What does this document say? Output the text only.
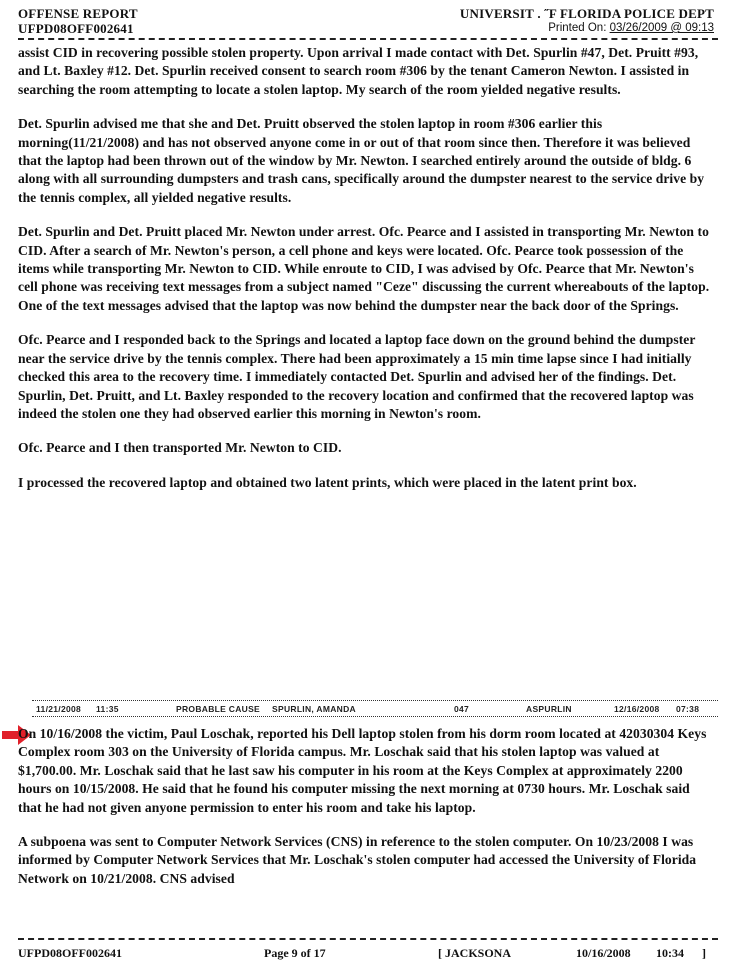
OFFENSE REPORT
UFPD08OFF002641
UNIVERSIT . ˝F FLORIDA POLICE DEPT
Printed On: 03/26/2009 @ 09:13

assist CID in recovering possible stolen property. Upon arrival I made contact with Det. Spurlin #47, Det. Pruitt #93, and Lt. Baxley #12. Det. Spurlin received consent to search room #306 by the tenant Cameron Newton. I assisted in searching the room attempting to locate a stolen laptop. My search of the room yielded negative results.

Det. Spurlin advised me that she and Det. Pruitt observed the stolen laptop in room #306 earlier this morning(11/21/2008) and has not observed anyone come in or out of that room since then. Therefore it was believed that the laptop had been thrown out of the window by Mr. Newton. I searched entirely around the outside of bldg. 6 along with all surrounding dumpsters and trash cans, specifically around the dumpster nearest to the service drive by the tennis complex, all yielded negative results.

Det. Spurlin and Det. Pruitt placed Mr. Newton under arrest. Ofc. Pearce and I assisted in transporting Mr. Newton to CID. After a search of Mr. Newton's person, a cell phone and keys were located. Ofc. Pearce took possession of the items while transporting Mr. Newton to CID. While enroute to CID, I was advised by Ofc. Pearce that Mr. Newton's cell phone was receiving text messages from a subject named "Ceze" discussing the current whereabouts of the laptop. One of the text messages advised that the laptop was now behind the dumpster near the back door of the Springs.

Ofc. Pearce and I responded back to the Springs and located a laptop face down on the ground behind the dumpster near the service drive by the tennis complex. There had been approximately a 15 min time lapse since I had initially checked this area to the recovery time. I immediately contacted Det. Spurlin and advised her of the findings. Det. Spurlin, Det. Pruitt, and Lt. Baxley responded to the recovery location and confirmed that the recovered laptop was indeed the stolen one they had observed earlier this morning in Newton's room.

Ofc. Pearce and I then transported Mr. Newton to CID.

I processed the recovered laptop and obtained two latent prints, which were placed in the latent print box.

11/21/2008 11:35	PROBABLE CAUSE SPURLIN, AMANDA	047	ASPURLIN	12/16/2008 07:38

On 10/16/2008 the victim, Paul Loschak, reported his Dell laptop stolen from his dorm room located at 42030304 Keys Complex room 303 on the University of Florida campus. Mr. Loschak said that his stolen laptop was valued at $1,700.00. Mr. Loschak said that he last saw his computer in his room at the Keys Complex at approximately 2200 hours on 10/15/2008. He said that he found his computer missing the next morning at 0730 hours. Mr. Loschak said that he had not given anyone permission to enter his room and take his laptop.

A subpoena was sent to Computer Network Services (CNS) in reference to the stolen computer. On 10/23/2008 I was informed by Computer Network Services that Mr. Loschak's stolen computer had accessed the University of Florida Network on 10/21/2008. CNS advised

UFPD08OFF002641	Page 9 of 17	[ JACKSONA	10/16/2008 10:34 ]
